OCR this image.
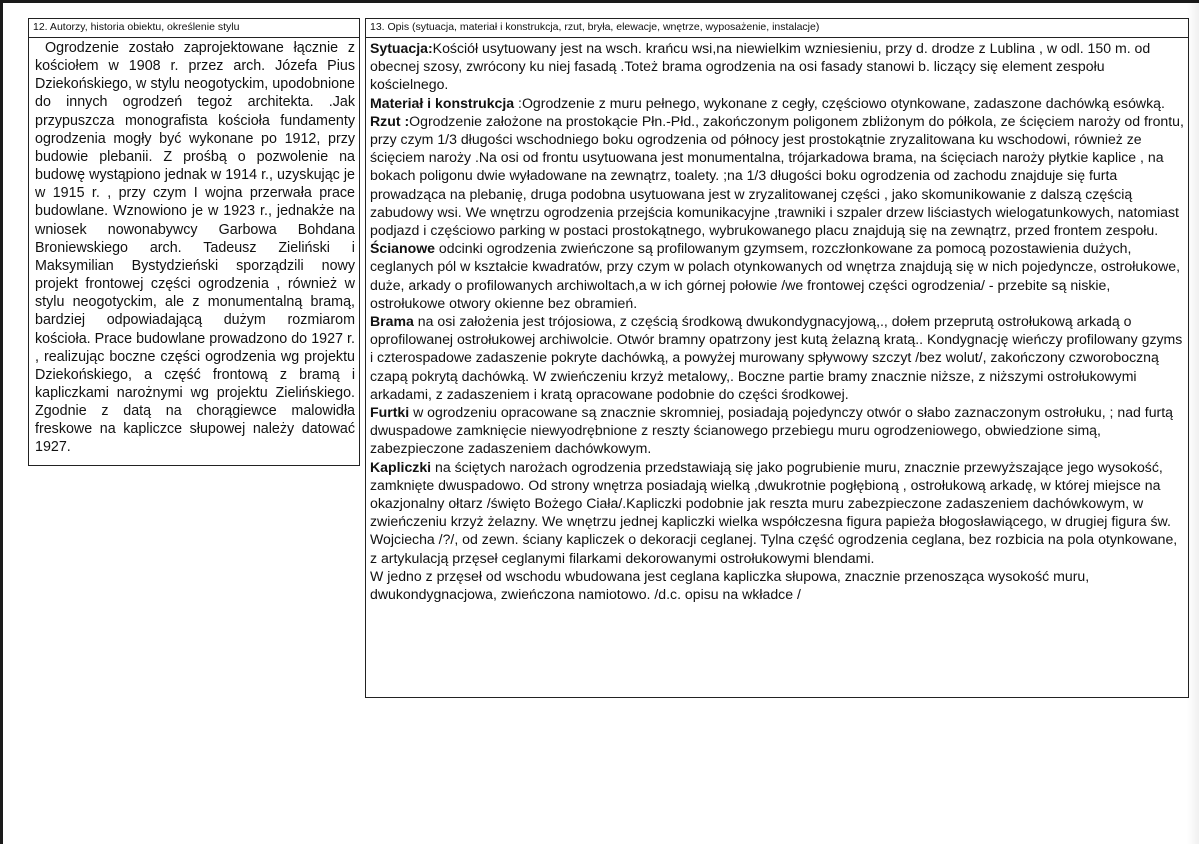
12. Autorzy, historia obiektu, określenie stylu
Ogrodzenie zostało zaprojektowane łącznie z kościołem w 1908 r. przez arch. Józefa Pius Dziekońskiego, w stylu neogotyckim, upodobnione do innych ogrodzeń tegoż architekta. .Jak przypuszcza monografista kościoła fundamenty ogrodzenia mogły być wykonane po 1912, przy budowie plebanii. Z prośbą o pozwolenie na budowę wystąpiono jednak w 1914 r., uzyskując je w 1915 r. , przy czym I wojna przerwała prace budowlane. Wznowiono je w 1923 r., jednakże na wniosek nowonabywcy Garbowa Bohdana Broniewskiego arch. Tadeusz Zieliński i Maksymilian Bystydzieński sporządzili nowy projekt frontowej części ogrodzenia , również w stylu neogotyckim, ale z monumentalną bramą, bardziej odpowiadającą dużym rozmiarom kościoła. Prace budowlane prowadzono do 1927 r. , realizując boczne części ogrodzenia wg projektu Dziekońskiego, a część frontową z bramą i kapliczkami narożnymi wg projektu Zielińskiego. Zgodnie z datą na chorągiewce malowidła freskowe na kapliczce słupowej należy datować 1927.
13. Opis (sytuacja, materiał i konstrukcja, rzut, bryła, elewacje, wnętrze, wyposażenie, instalacje)

Sytuacja:Kościół usytuowany jest na wsch. krańcu wsi,na niewielkim wzniesieniu, przy d. drodze z Lublina , w odl. 150 m. od obecnej szosy, zwrócony ku niej fasadą .Toteż brama ogrodzenia na osi fasady stanowi b. liczący się element zespołu kościelnego.

Materiał i konstrukcja :Ogrodzenie z muru pełnego, wykonane z cegły, częściowo otynkowane, zadaszone dachówką esówką.

Rzut :Ogrodzenie założone na prostokącie Płn.-Płd., zakończonym poligonem zbliżonym do półkola, ze ścięciem naroży od frontu, przy czym 1/3 długości wschodniego boku ogrodzenia od północy jest prostokątnie zryzalitowana ku wschodowi, również ze ścięciem naroży .Na osi od frontu usytuowana jest monumentalna, trójarkadowa brama, na ścięciach naroży płytkie kaplice , na bokach poligonu dwie wyładowane na zewnątrz, toalety. ;na 1/3 długości boku ogrodzenia od zachodu znajduje się furta prowadząca na plebanię, druga podobna usytuowana jest w zryzalitowanej części , jako skomunikowanie z dalszą częścią zabudowy wsi. We wnętrzu ogrodzenia przejścia komunikacyjne ,trawniki i szpaler drzew liściastych wielogatunkowych, natomiast podjazd i częściowo parking w postaci prostokątnego, wybrukowanego placu znajdują się na zewnątrz, przed frontem zespołu.

Ścianowe odcinki ogrodzenia zwieńczone są profilowanym gzymsem, rozczłonkowane za pomocą pozostawienia dużych, ceglanych pól w kształcie kwadratów, przy czym w polach otynkowanych od wnętrza znajdują się w nich pojedyncze, ostrołukowe, duże, arkady o profilowanych archiwoltach,a w ich górnej połowie /we frontowej części ogrodzenia/ - przebite są niskie, ostrołukowe otwory okienne bez obramień.

Brama na osi założenia jest trójosiowa, z częścią środkową dwukondygnacyjową,., dołem przeprutą ostrołukową arkadą o oprofilowanej ostrołukowej archiwolcie. Otwór bramny opatrzony jest kutą żelazną kratą.. Kondygnację wieńczy profilowany gzyms i czterospadowe zadaszenie pokryte dachówką, a powyżej murowany spływowy szczyt /bez wolut/, zakończony czworoboczną czapą pokrytą dachówką. W zwieńczeniu krzyż metalowy,. Boczne partie bramy znacznie niższe, z niższymi ostrołukowymi arkadami, z zadaszeniem i kratą opracowane podobnie do części środkowej.

Furtki w ogrodzeniu opracowane są znacznie skromniej, posiadają pojedynczy otwór o słabo zaznaczonym ostrołuku, ; nad furtą dwuspadowe zamknięcie niewyodrębnione z reszty ścianowego przebiegu muru ogrodzeniowego, obwiedzione simą, zabezpieczone zadaszeniem dachówkowym.

Kapliczki na ściętych narożach ogrodzenia przedstawiają się jako pogrubienie muru, znacznie przewyższające jego wysokość, zamknięte dwuspadowo. Od strony wnętrza posiadają wielką ,dwukrotnie pogłębioną , ostrołukową arkadę, w której miejsce na okazjonalny ołtarz /święto Bożego Ciała/.Kapliczki podobnie jak reszta muru zabezpieczone zadaszeniem dachówkowym, w zwieńczeniu krzyż żelazny. We wnętrzu jednej kapliczki wielka współczesna figura papieża błogosławiącego, w drugiej figura św. Wojciecha /?/, od zewn. ściany kapliczek o dekoracji ceglanej. Tylna część ogrodzenia ceglana, bez rozbicia na pola otynkowane, z artykulacją przęseł ceglanymi filarkami dekorowanymi ostrołukowymi blendami.

W jedno z przęseł od wschodu wbudowana jest ceglana kapliczka słupowa, znacznie przenosząca wysokość muru, dwukondygnacjowa, zwieńczona namiotowo. /d.c. opisu na wkładce /
